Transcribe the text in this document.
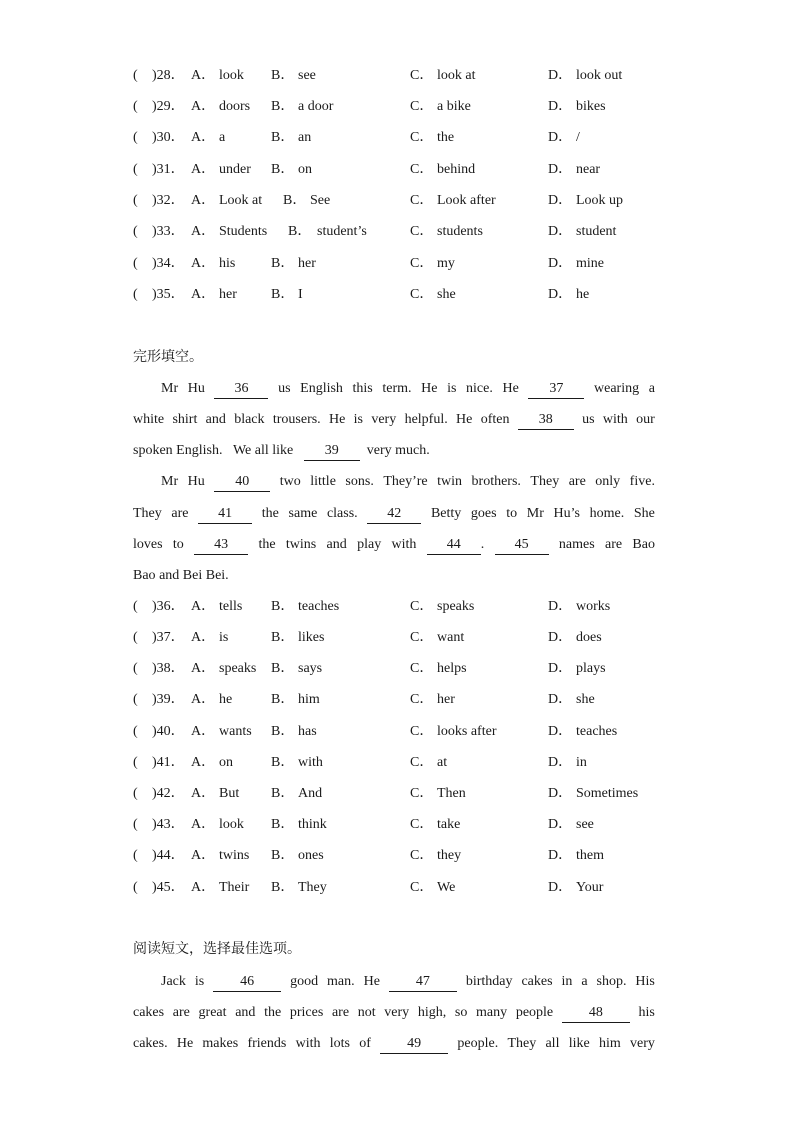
( )28． A． look B． see	C． look at	D． look out
( )29． A． doors B． a door	C． a bike	D． bikes
( )30． A． a	B． an	C． the	D． /
( )31． A． under B． on	C． behind	D． near
( )32． A． Look at B． See	C． Look after	D． Look up
( )33． A． Students B． student’s	C． students	D． student
( )34． A． his	B． her	C． my	D． mine
( )35． A． her B． I	C． she	D． he
完形填空。
Mr Hu	36	us English this term. He is nice. He	37	wearing a
white shirt and black trousers. He is very helpful. He often	38	us with our
spoken
English.
We
all
like
	39
	very
much.
Mr Hu	40	two little sons. They’re twin brothers. They are only five.
They are	41	the same class.	42	Betty goes to Mr Hu’s home. She
loves to	43	the twins and play with	44 .	45	names are Bao
Bao
and
Bei
Bei.
( )36． A． tells B． teaches	C． speaks	D． works
( )37． A． is	B． likes	C． want	D． does
( )38． A． speaks B． says	C． helps	D． plays
( )39． A． he	B． him	C． her	D． she
( )40． A． wants B． has	C． looks after	D． teaches
( )41． A． on	B． with	C． at	D． in
( )42． A． But B． And	C． Then	D． Sometimes
( )43． A． look B． think	C． take	D． see
( )44． A． twins B． ones	C． they	D． them
( )45． A． Their B． They	C． We	D． Your
阅读短文，选择最佳选项。
Jack is	46	good man. He	47	birthday cakes in a shop. His
cakes are great and the prices are not very high, so many people	48	his
cakes. He makes friends with lots of	49	people. They all like him very
